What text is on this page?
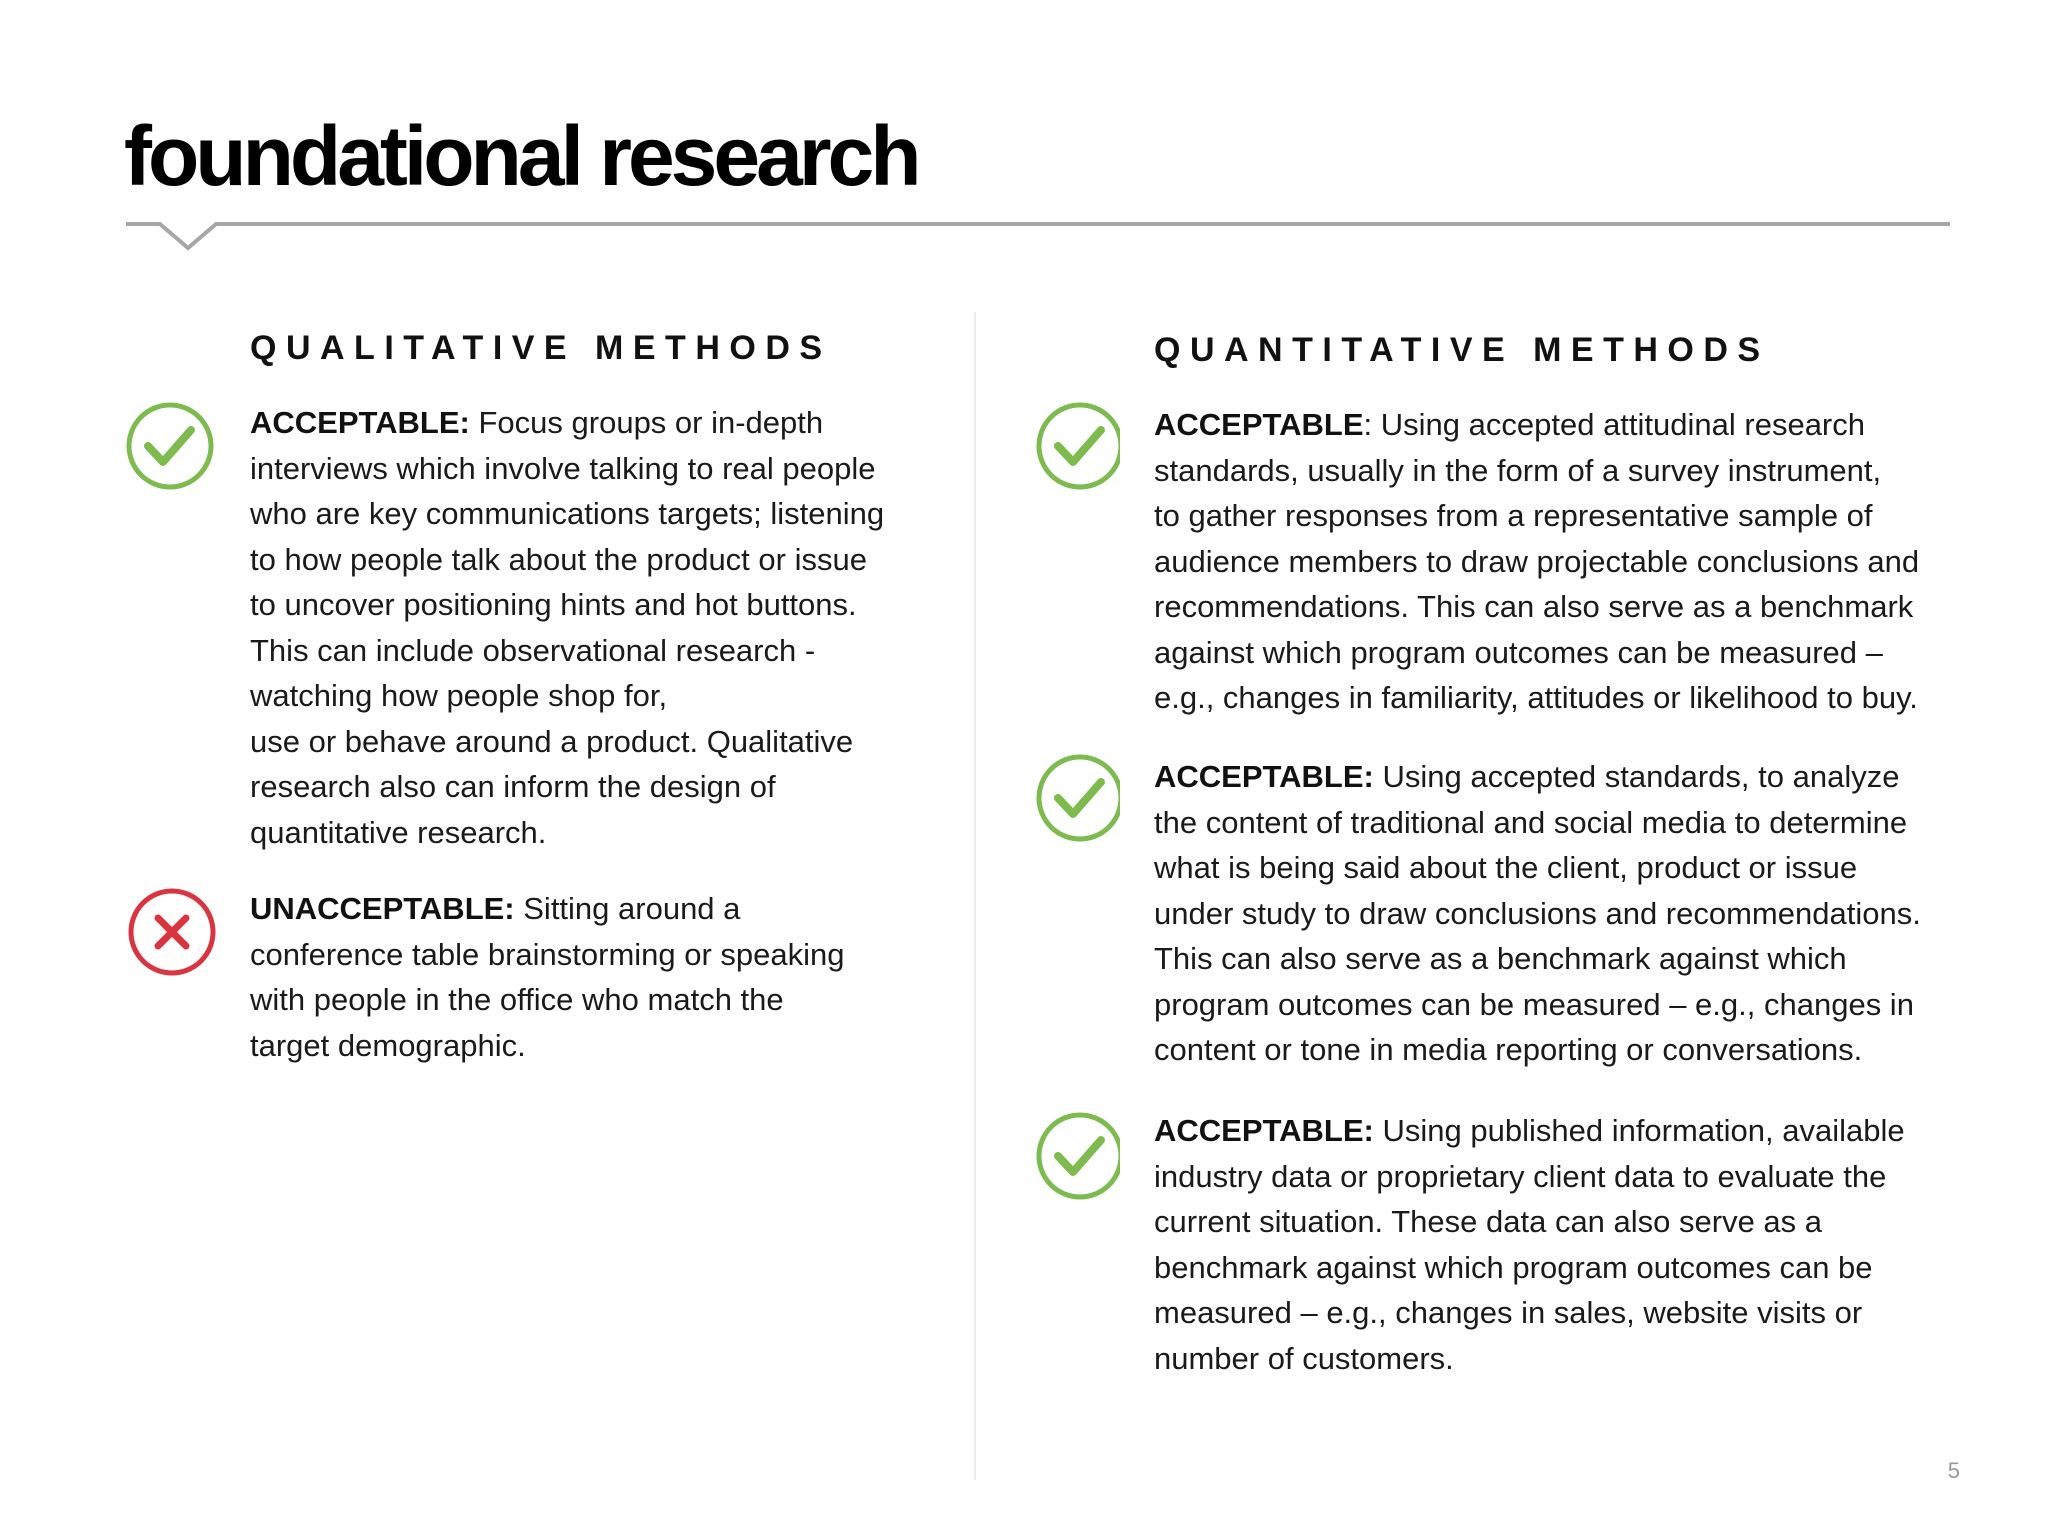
foundational research
QUALITATIVE METHODS

ACCEPTABLE: Focus groups or in-depth
interviews which involve talking to real people
who are key communications targets; listening
to how people talk about the product or issue
to uncover positioning hints and hot buttons.
This can include observational research -
watching how people shop for,
use or behave around a product. Qualitative
research also can inform the design of
quantitative research.

UNACCEPTABLE: Sitting around a
conference table brainstorming or speaking
with people in the office who match the
target demographic.

QUANTITATIVE METHODS

ACCEPTABLE: Using accepted attitudinal research
standards, usually in the form of a survey instrument,
to gather responses from a representative sample of
audience members to draw projectable conclusions and
recommendations. This can also serve as a benchmark
against which program outcomes can be measured –
e.g., changes in familiarity, attitudes or likelihood to buy.

ACCEPTABLE: Using accepted standards, to analyze
the content of traditional and social media to determine
what is being said about the client, product or issue
under study to draw conclusions and recommendations.
This can also serve as a benchmark against which
program outcomes can be measured – e.g., changes in
content or tone in media reporting or conversations.

ACCEPTABLE: Using published information, available
industry data or proprietary client data to evaluate the
current situation. These data can also serve as a
benchmark against which program outcomes can be
measured – e.g., changes in sales, website visits or
number of customers.

5
